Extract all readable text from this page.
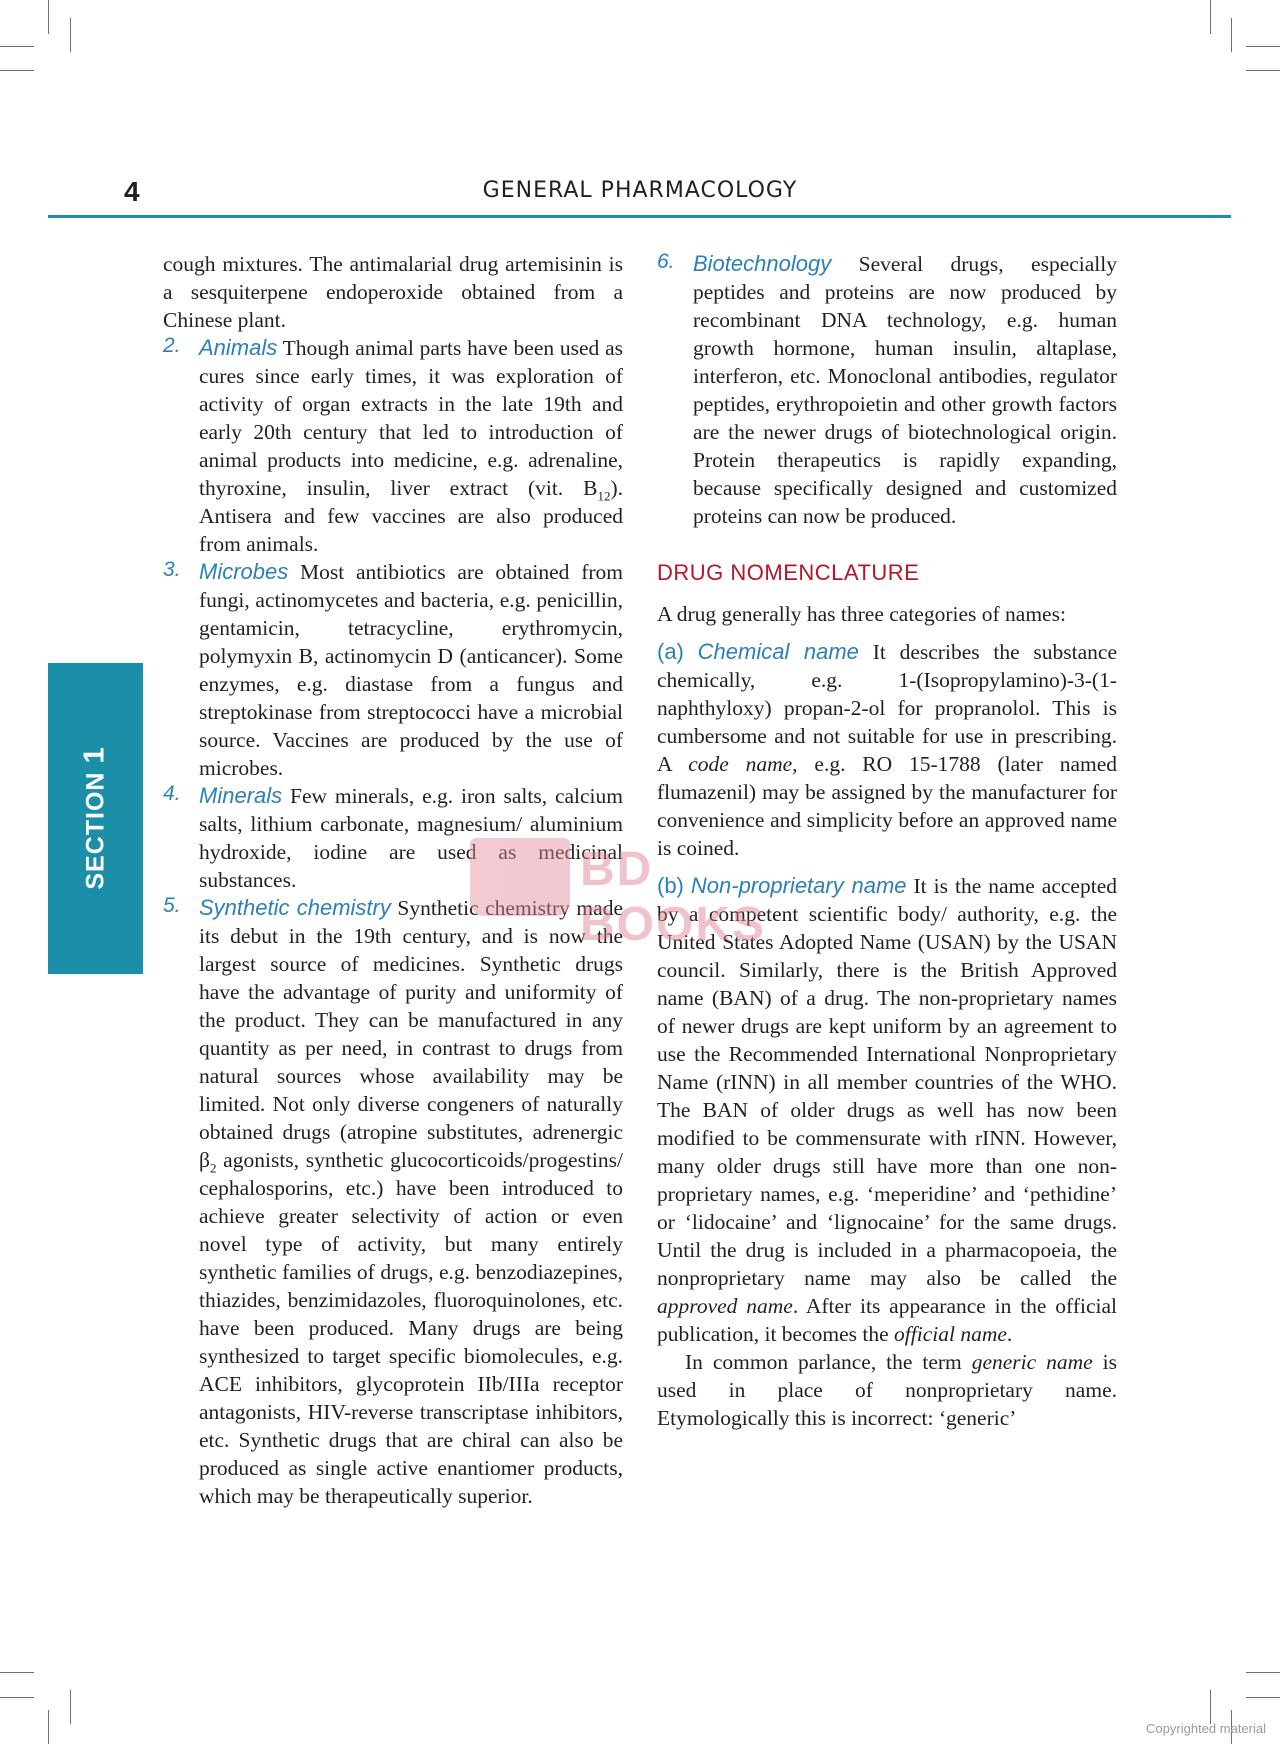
4	GENERAL PHARMACOLOGY
SECTION1

cough mixtures. The antimalarial drug artemisinin is a sesquiterpene endoperoxide obtained from a Chinese plant.

2. Animals Though animal parts have been used as cures since early times, it was exploration of activity of organ extracts in the late 19th and early 20th century that led to introduction of animal products into medicine, e.g. adrenaline, thyroxine, insulin, liver extract (vit. $B_{12}$). Antisera and few vaccines are also produced from animals.
3. Microbes Most antibiotics are obtained from fungi, actinomycetes and bacteria, e.g. penicillin, gentamicin, tetracycline, erythromycin, polymyxin B, actinomycin D (anticancer). Some enzymes, e.g. diastase from a fungus and streptokinase from streptococci have a microbial source. Vaccines are produced by the use of microbes.
4. Minerals Few minerals, e.g. iron salts, calcium salts, lithium carbonate, magnesium/ aluminium hydroxide, iodine are used as medicinal substances.
5. Synthetic chemistry Synthetic chemistry made its debut in the 19th century, and is now the largest source of medicines. Synthetic drugs have the advantage of purity and uniformity of the product. They can be manufactured in any quantity as per need, in contrast to drugs from natural sources whose availability may be limited. Not only diverse congeners of naturally obtained drugs (atropine substitutes, adrenergic $\beta_2$ agonists, synthetic glucocorticoids/progestins/ cephalosporins, etc.) have been introduced to achieve greater selectivity of action or even novel type of activity, but many entirely synthetic families of drugs, e.g. benzodiazepines, thiazides, benzimidazoles, fluoroquinolones, etc. have been produced. Many drugs are being synthesized to target specific biomolecules, e.g. ACE inhibitors, glycoprotein IIb/IIIa receptor antagonists, HIV-reverse transcriptase inhibitors, etc. Synthetic drugs that are chiral can also be produced as single active enantiomer products, which may be therapeutically superior.
6. Biotechnology Several drugs, especially peptides and proteins are now produced by recombinant DNA technology, e.g. human growth hormone, human insulin, altaplase, interferon, etc. Monoclonal antibodies, regulator peptides, erythropoietin and other growth factors are the newer drugs of biotechnological origin. Protein therapeutics is rapidly expanding, because specifically designed and customized proteins can now be produced.

DRUG NOMENCLATURE

A drug generally has three categories of names:

(a) Chemical name It describes the substance chemically, e.g. 1-(Isopropylamino)-3-(1-naphthyloxy) propan-2-ol for propranolol. This is cumbersome and not suitable for use in prescribing. A code name, e.g. RO 15-1788 (later named flumazenil) may be assigned by the manufacturer for convenience and simplicity before an approved name is coined.

(b) Non-proprietary name It is the name accepted by a competent scientific body/ authority, e.g. the United States Adopted Name (USAN) by the USAN council. Similarly, there is the British Approved name (BAN) of a drug. The non-proprietary names of newer drugs are kept uniform by an agreement to use the Recommended International Nonproprietary Name (rINN) in all member countries of the WHO. The BAN of older drugs as well has now been modified to be commensurate with rINN. However, many older drugs still have more than one non-proprietary names, e.g. ‘meperidine’ and ‘pethidine’ or ‘lidocaine’ and ‘lignocaine’ for the same drugs. Until the drug is included in a pharmacopoeia, the nonproprietary name may also be called the approved name. After its appearance in the official publication, it becomes the official name.

In common parlance, the term generic name is used in place of nonproprietary name. Etymologically this is incorrect: ‘generic’

BD BOOKS
Copyrighted material
